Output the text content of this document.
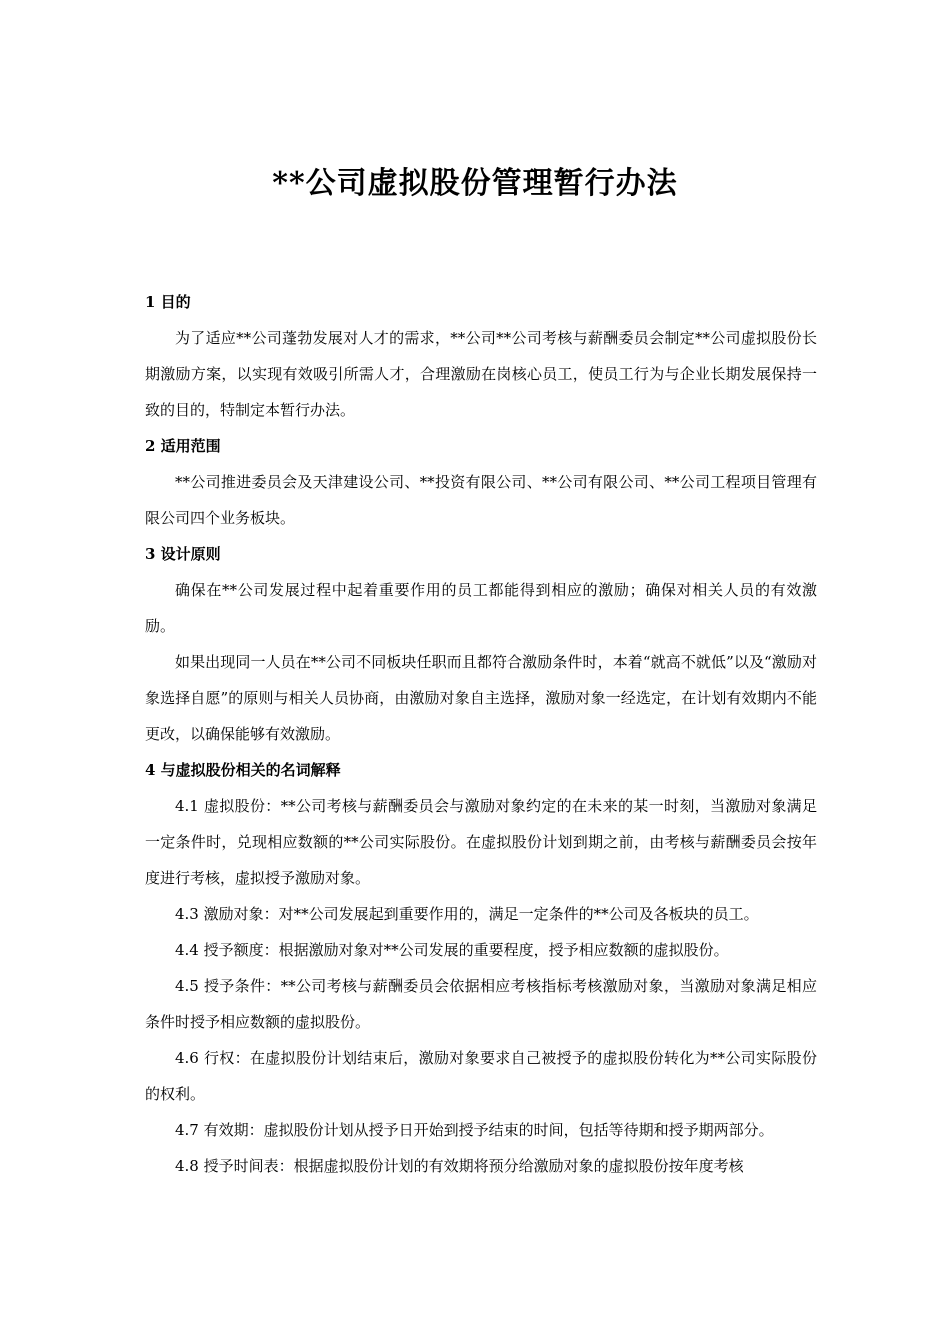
**公司虚拟股份管理暂行办法
1 目的

为了适应**公司蓬勃发展对人才的需求，**公司**公司考核与薪酬委员会制定**公司虚拟股份长期激励方案，以实现有效吸引所需人才，合理激励在岗核心员工，使员工行为与企业长期发展保持一致的目的，特制定本暂行办法。

2 适用范围

**公司推进委员会及天津建设公司、**投资有限公司、**公司有限公司、**公司工程项目管理有限公司四个业务板块。

3 设计原则

确保在**公司发展过程中起着重要作用的员工都能得到相应的激励；确保对相关人员的有效激励。

如果出现同一人员在**公司不同板块任职而且都符合激励条件时，本着“就高不就低”以及“激励对象选择自愿”的原则与相关人员协商，由激励对象自主选择，激励对象一经选定，在计划有效期内不能更改，以确保能够有效激励。

4 与虚拟股份相关的名词解释

4.1 虚拟股份：**公司考核与薪酬委员会与激励对象约定的在未来的某一时刻，当激励对象满足一定条件时，兑现相应数额的**公司实际股份。在虚拟股份计划到期之前，由考核与薪酬委员会按年度进行考核，虚拟授予激励对象。

4.3 激励对象：对**公司发展起到重要作用的，满足一定条件的**公司及各板块的员工。

4.4 授予额度：根据激励对象对**公司发展的重要程度，授予相应数额的虚拟股份。

4.5 授予条件：**公司考核与薪酬委员会依据相应考核指标考核激励对象，当激励对象满足相应条件时授予相应数额的虚拟股份。

4.6 行权：在虚拟股份计划结束后，激励对象要求自己被授予的虚拟股份转化为**公司实际股份的权利。

4.7 有效期：虚拟股份计划从授予日开始到授予结束的时间，包括等待期和授予期两部分。

4.8 授予时间表：根据虚拟股份计划的有效期将预分给激励对象的虚拟股份按年度考核
